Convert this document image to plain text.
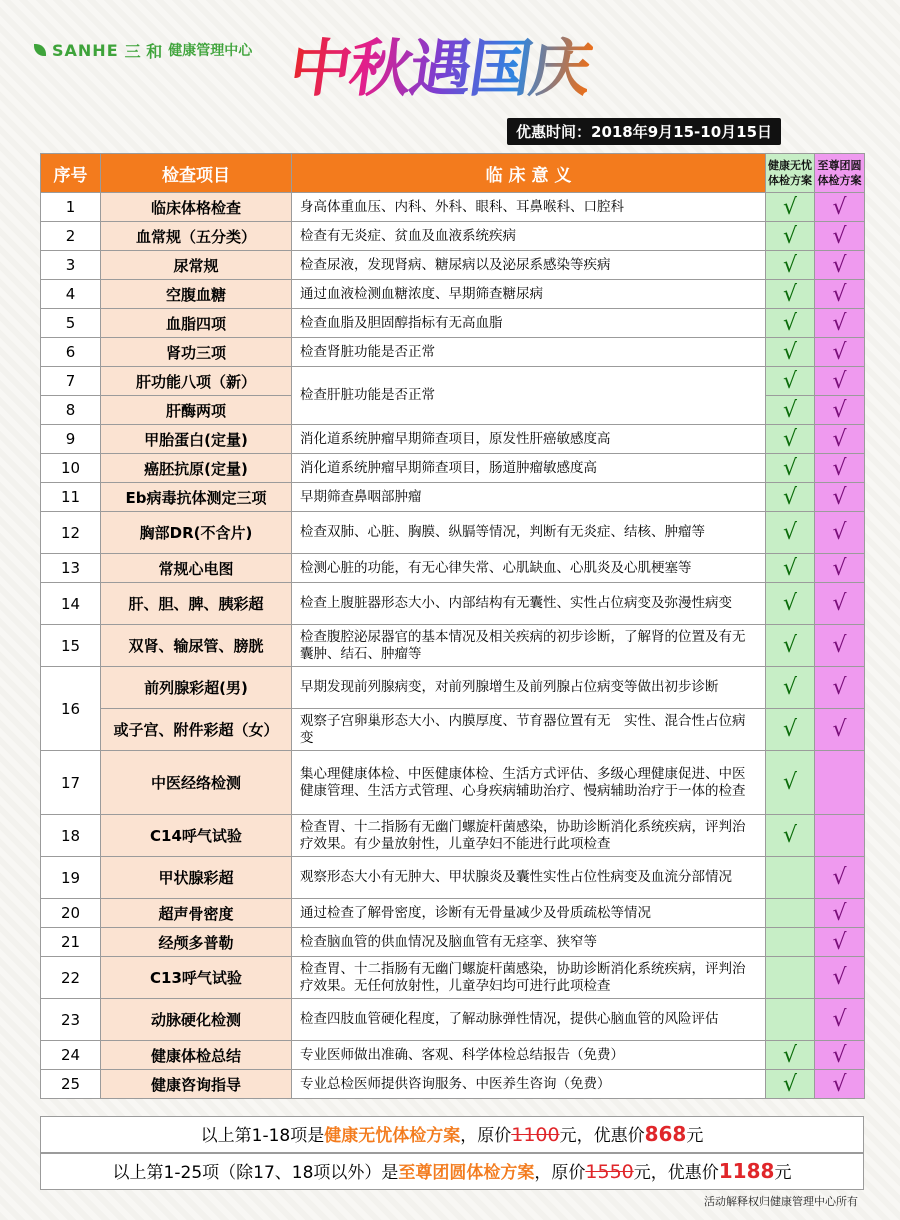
SANHE 三 和 健康管理中心 中秋遇国庆
优惠时间：2018年9月15-10月15日
序号	检查项目	临 床 意 义	健康无忧体检方案	至尊团圆体检方案
1	临床体格检查	身高体重血压、内科、外科、眼科、耳鼻喉科、口腔科	√	√
2	血常规（五分类）	检查有无炎症、贫血及血液系统疾病	√	√
3	尿常规	检查尿液，发现肾病、糖尿病以及泌尿系感染等疾病	√	√
4	空腹血糖	通过血液检测血糖浓度、早期筛查糖尿病	√	√
5	血脂四项	检查血脂及胆固醇指标有无高血脂	√	√
6	肾功三项	检查肾脏功能是否正常	√	√
7	肝功能八项（新）	检查肝脏功能是否正常	√	√
8	肝酶两项		√	√
9	甲胎蛋白(定量)	消化道系统肿瘤早期筛查项目，原发性肝癌敏感度高	√	√
10	癌胚抗原(定量)	消化道系统肿瘤早期筛查项目，肠道肿瘤敏感度高	√	√
11	Eb病毒抗体测定三项	早期筛查鼻咽部肿瘤	√	√
12	胸部DR(不含片)	检查双肺、心脏、胸膜、纵膈等情况，判断有无炎症、结核、肿瘤等	√	√
13	常规心电图	检测心脏的功能，有无心律失常、心肌缺血、心肌炎及心肌梗塞等	√	√
14	肝、胆、脾、胰彩超	检查上腹脏器形态大小、内部结构有无囊性、实性占位病变及弥漫性病变	√	√
15	双肾、输尿管、膀胱	检查腹腔泌尿器官的基本情况及相关疾病的初步诊断，了解肾的位置及有无囊肿、结石、肿瘤等	√	√
16	前列腺彩超(男)	早期发现前列腺病变，对前列腺增生及前列腺占位病变等做出初步诊断	√	√
	或子宫、附件彩超（女）	观察子宫卵巢形态大小、内膜厚度、节育器位置有无　实性、混合性占位病变	√	√
17	中医经络检测	集心理健康体检、中医健康体检、生活方式评估、多级心理健康促进、中医健康管理、生活方式管理、心身疾病辅助治疗、慢病辅助治疗于一体的检查	√	
18	C14呼气试验	检查胃、十二指肠有无幽门螺旋杆菌感染，协助诊断消化系统疾病，评判治疗效果。有少量放射性，儿童孕妇不能进行此项检查	√	
19	甲状腺彩超	观察形态大小有无肿大、甲状腺炎及囊性实性占位性病变及血流分部情况		√
20	超声骨密度	通过检查了解骨密度，诊断有无骨量减少及骨质疏松等情况		√
21	经颅多普勒	检查脑血管的供血情况及脑血管有无痉挛、狭窄等		√
22	C13呼气试验	检查胃、十二指肠有无幽门螺旋杆菌感染，协助诊断消化系统疾病，评判治疗效果。无任何放射性，儿童孕妇均可进行此项检查		√
23	动脉硬化检测	检查四肢血管硬化程度，了解动脉弹性情况，提供心脑血管的风险评估		√
24	健康体检总结	专业医师做出准确、客观、科学体检总结报告（免费）	√	√
25	健康咨询指导	专业总检医师提供咨询服务、中医养生咨询（免费）	√	√
以上第1-18项是健康无忧体检方案，原价1100元，优惠价868元
以上第1-25项（除17、18项以外）是至尊团圆体检方案，原价1550元，优惠价1188元
活动解释权归健康管理中心所有
